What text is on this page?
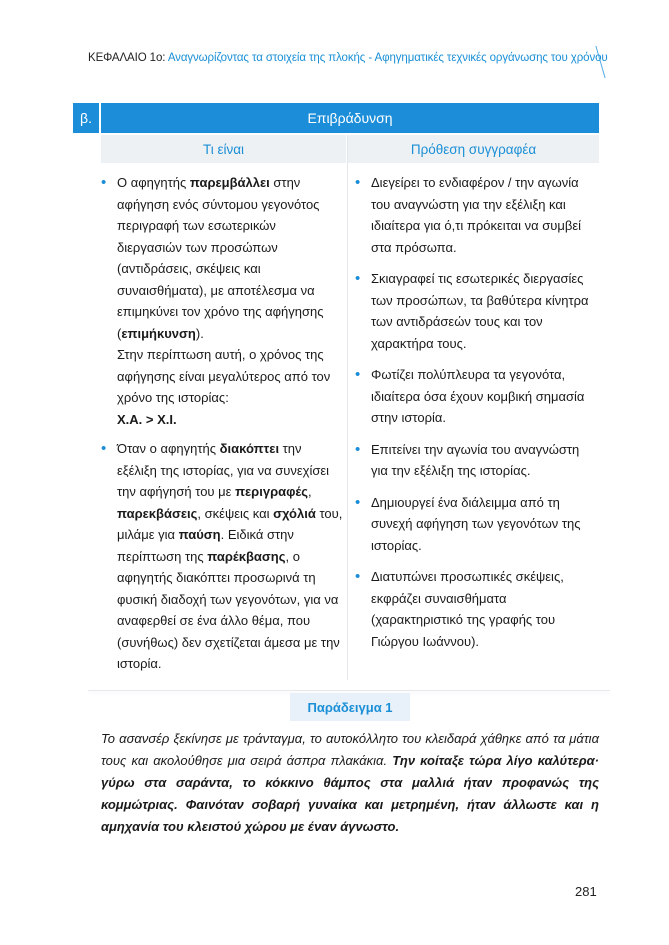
ΚΕΦΑΛΑΙΟ 1ο: Αναγνωρίζοντας τα στοιχεία της πλοκής - Αφηγηματικές τεχνικές οργάνωσης του χρόνου
β.	Επιβράδυνση
Τι είναι	Πρόθεση συγγραφέα
• Ο αφηγητής παρεμβάλλει στην αφήγηση ενός σύντομου γεγονότος περιγραφή των εσωτερικών διεργασιών των προσώπων (αντιδράσεις, σκέψεις και συναισθήματα), με αποτέλεσμα να επιμηκύνει τον χρόνο της αφήγησης (επιμήκυνση).
Στην περίπτωση αυτή, ο χρόνος της αφήγησης είναι μεγαλύτερος από τον χρόνο της ιστορίας:
Χ.Α. > Χ.Ι.
• Όταν ο αφηγητής διακόπτει την εξέλιξη της ιστορίας, για να συνεχίσει την αφήγησή του με περιγραφές, παρεκβάσεις, σκέψεις και σχόλιά του, μιλάμε για παύση. Ειδικά στην περίπτωση της παρέκβασης, ο αφηγητής διακόπτει προσωρινά τη φυσική διαδοχή των γεγονότων, για να αναφερθεί σε ένα άλλο θέμα, που (συνήθως) δεν σχετίζεται άμεσα με την ιστορία.
• Διεγείρει το ενδιαφέρον / την αγωνία του αναγνώστη για την εξέλιξη και ιδιαίτερα για ό,τι πρόκειται να συμβεί στα πρόσωπα.
• Σκιαγραφεί τις εσωτερικές διεργασίες των προσώπων, τα βαθύτερα κίνητρα των αντιδράσεών τους και τον χαρακτήρα τους.
• Φωτίζει πολύπλευρα τα γεγονότα, ιδιαίτερα όσα έχουν κομβική σημασία στην ιστορία.
• Επιτείνει την αγωνία του αναγνώστη για την εξέλιξη της ιστορίας.
• Δημιουργεί ένα διάλειμμα από τη συνεχή αφήγηση των γεγονότων της ιστορίας.
• Διατυπώνει προσωπικές σκέψεις, εκφράζει συναισθήματα (χαρακτηριστικό της γραφής του Γιώργου Ιωάννου).
Παράδειγμα 1

Το ασανσέρ ξεκίνησε με τράνταγμα, το αυτοκόλλητο του κλειδαρά χάθηκε από τα μάτια τους και ακολούθησε μια σειρά άσπρα πλακάκια. Την κοίταξε τώρα λίγο καλύτερα· γύρω στα σαράντα, το κόκκινο θάμπος στα μαλλιά ήταν προφανώς της κομμώτριας. Φαινόταν σοβαρή γυναίκα και μετρημένη, ήταν άλλωστε και η αμηχανία του κλειστού χώρου με έναν άγνωστο.

281
